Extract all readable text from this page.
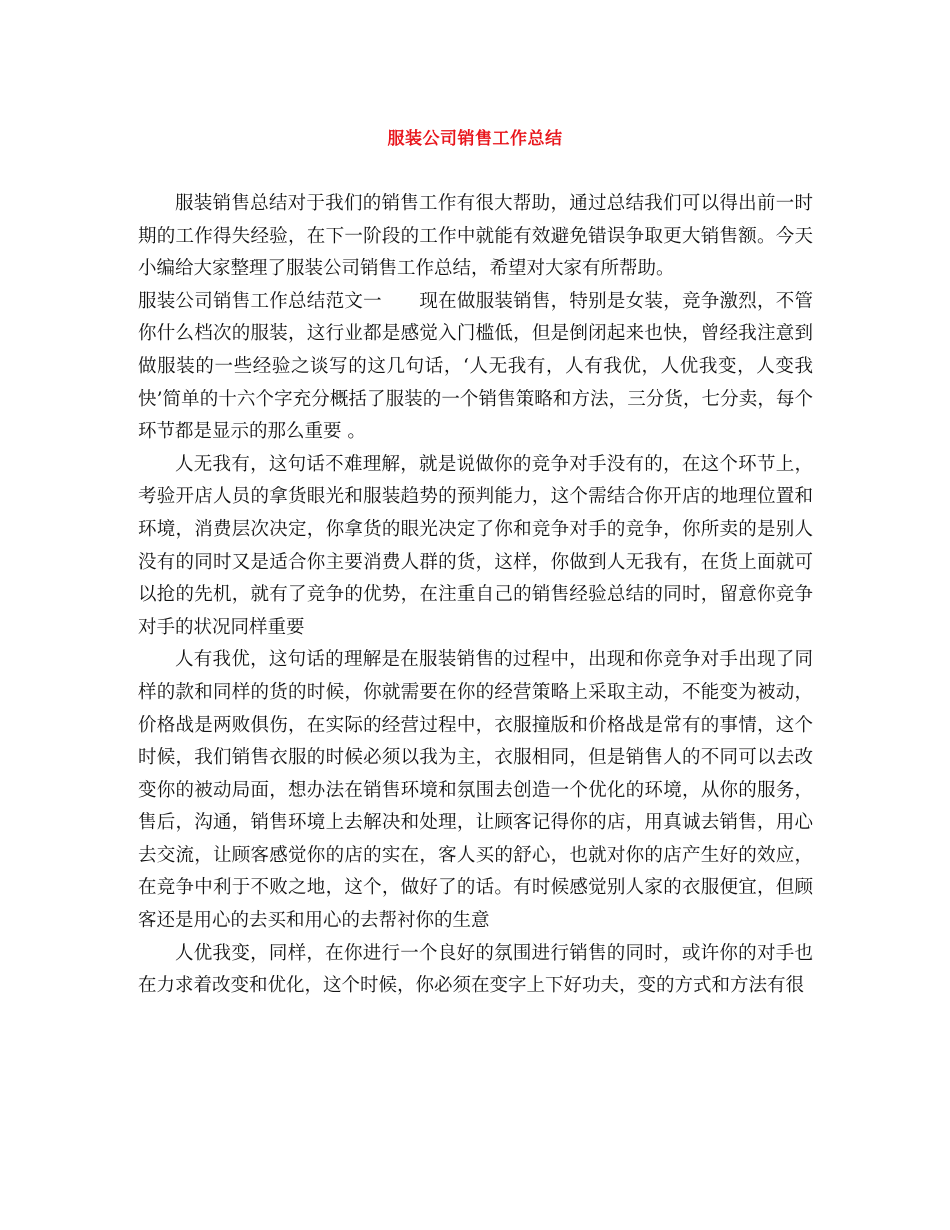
服装公司销售工作总结

服装销售总结对于我们的销售工作有很大帮助，通过总结我们可以得出前一时期的工作得失经验，在下一阶段的工作中就能有效避免错误争取更大销售额。今天小编给大家整理了服装公司销售工作总结，希望对大家有所帮助。

服装公司销售工作总结范文一　　现在做服装销售，特别是女装，竞争激烈，不管你什么档次的服装，这行业都是感觉入门槛低，但是倒闭起来也快，曾经我注意到做服装的一些经验之谈写的这几句话，‘人无我有，人有我优，人优我变，人变我快’简单的十六个字充分概括了服装的一个销售策略和方法，三分货，七分卖，每个环节都是显示的那么重要 。

人无我有，这句话不难理解，就是说做你的竞争对手没有的，在这个环节上，考验开店人员的拿货眼光和服装趋势的预判能力，这个需结合你开店的地理位置和环境，消费层次决定，你拿货的眼光决定了你和竞争对手的竞争，你所卖的是别人没有的同时又是适合你主要消费人群的货，这样，你做到人无我有，在货上面就可以抢的先机，就有了竞争的优势，在注重自己的销售经验总结的同时，留意你竞争对手的状况同样重要

人有我优，这句话的理解是在服装销售的过程中，出现和你竞争对手出现了同样的款和同样的货的时候，你就需要在你的经营策略上采取主动，不能变为被动，价格战是两败俱伤，在实际的经营过程中，衣服撞版和价格战是常有的事情，这个时候，我们销售衣服的时候必须以我为主，衣服相同，但是销售人的不同可以去改变你的被动局面，想办法在销售环境和氛围去创造一个优化的环境，从你的服务，售后，沟通，销售环境上去解决和处理，让顾客记得你的店，用真诚去销售，用心去交流，让顾客感觉你的店的实在，客人买的舒心，也就对你的店产生好的效应，在竞争中利于不败之地，这个，做好了的话。有时候感觉别人家的衣服便宜，但顾客还是用心的去买和用心的去帮衬你的生意

人优我变，同样，在你进行一个良好的氛围进行销售的同时，或许你的对手也在力求着改变和优化，这个时候，你必须在变字上下好功夫，变的方式和方法有很
